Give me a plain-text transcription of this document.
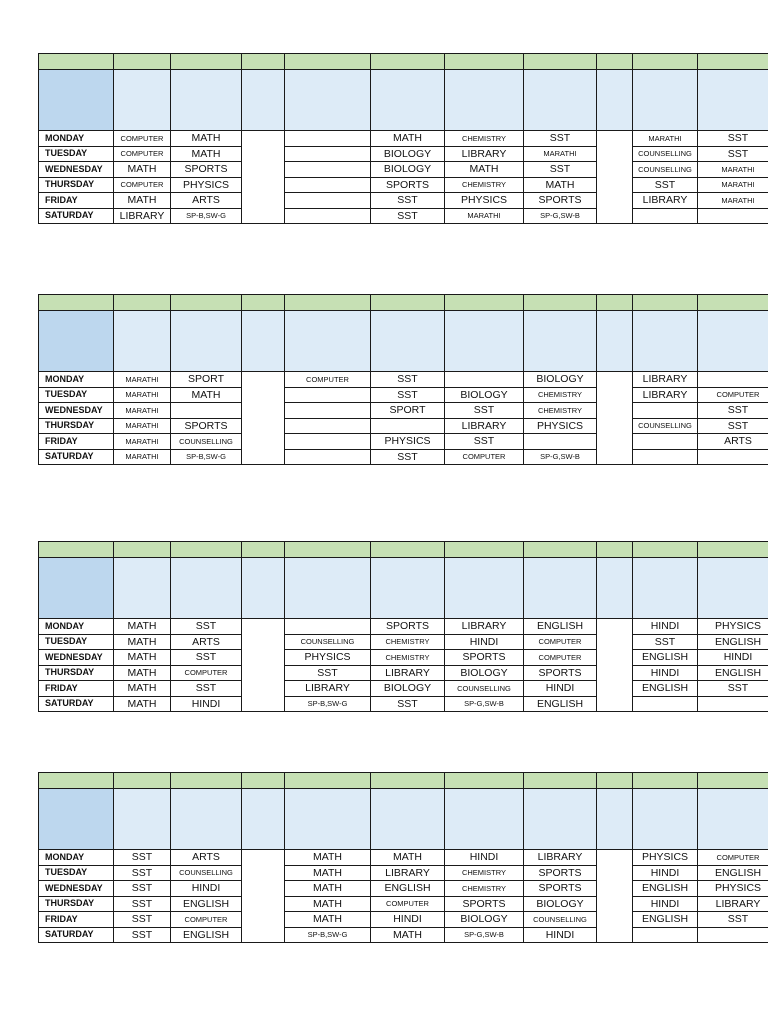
MONDAY	COMPUTER	MATH			MATH	CHEMISTRY	SST		MARATHI	SST
TUESDAY	COMPUTER	MATH			BIOLOGY	LIBRARY	MARATHI		COUNSELLING	SST
WEDNESDAY	MATH	SPORTS			BIOLOGY	MATH	SST		COUNSELLING	MARATHI
THURSDAY	COMPUTER	PHYSICS			SPORTS	CHEMISTRY	MATH		SST	MARATHI
FRIDAY	MATH	ARTS			SST	PHYSICS	SPORTS		LIBRARY	MARATHI
SATURDAY	LIBRARY	SP-B,SW-G			SST	MARATHI	SP-G,SW-B			

MONDAY	MARATHI	SPORT		COMPUTER	SST		BIOLOGY		LIBRARY	
TUESDAY	MARATHI	MATH			SST	BIOLOGY	CHEMISTRY		LIBRARY	COMPUTER
WEDNESDAY	MARATHI				SPORT	SST	CHEMISTRY			SST
THURSDAY	MARATHI	SPORTS				LIBRARY	PHYSICS		COUNSELLING	SST
FRIDAY	MARATHI	COUNSELLING			PHYSICS	SST				ARTS
SATURDAY	MARATHI	SP-B,SW-G			SST	COMPUTER	SP-G,SW-B			

MONDAY	MATH	SST			SPORTS	LIBRARY	ENGLISH		HINDI	PHYSICS
TUESDAY	MATH	ARTS		COUNSELLING	CHEMISTRY	HINDI	COMPUTER		SST	ENGLISH
WEDNESDAY	MATH	SST		PHYSICS	CHEMISTRY	SPORTS	COMPUTER		ENGLISH	HINDI
THURSDAY	MATH	COMPUTER		SST	LIBRARY	BIOLOGY	SPORTS		HINDI	ENGLISH
FRIDAY	MATH	SST		LIBRARY	BIOLOGY	COUNSELLING	HINDI		ENGLISH	SST
SATURDAY	MATH	HINDI		SP-B,SW-G	SST	SP-G,SW-B	ENGLISH			

MONDAY	SST	ARTS		MATH	MATH	HINDI	LIBRARY		PHYSICS	COMPUTER
TUESDAY	SST	COUNSELLING		MATH	LIBRARY	CHEMISTRY	SPORTS		HINDI	ENGLISH
WEDNESDAY	SST	HINDI		MATH	ENGLISH	CHEMISTRY	SPORTS		ENGLISH	PHYSICS
THURSDAY	SST	ENGLISH		MATH	COMPUTER	SPORTS	BIOLOGY		HINDI	LIBRARY
FRIDAY	SST	COMPUTER		MATH	HINDI	BIOLOGY	COUNSELLING		ENGLISH	SST
SATURDAY	SST	ENGLISH		SP-B,SW-G	MATH	SP-G,SW-B	HINDI			
